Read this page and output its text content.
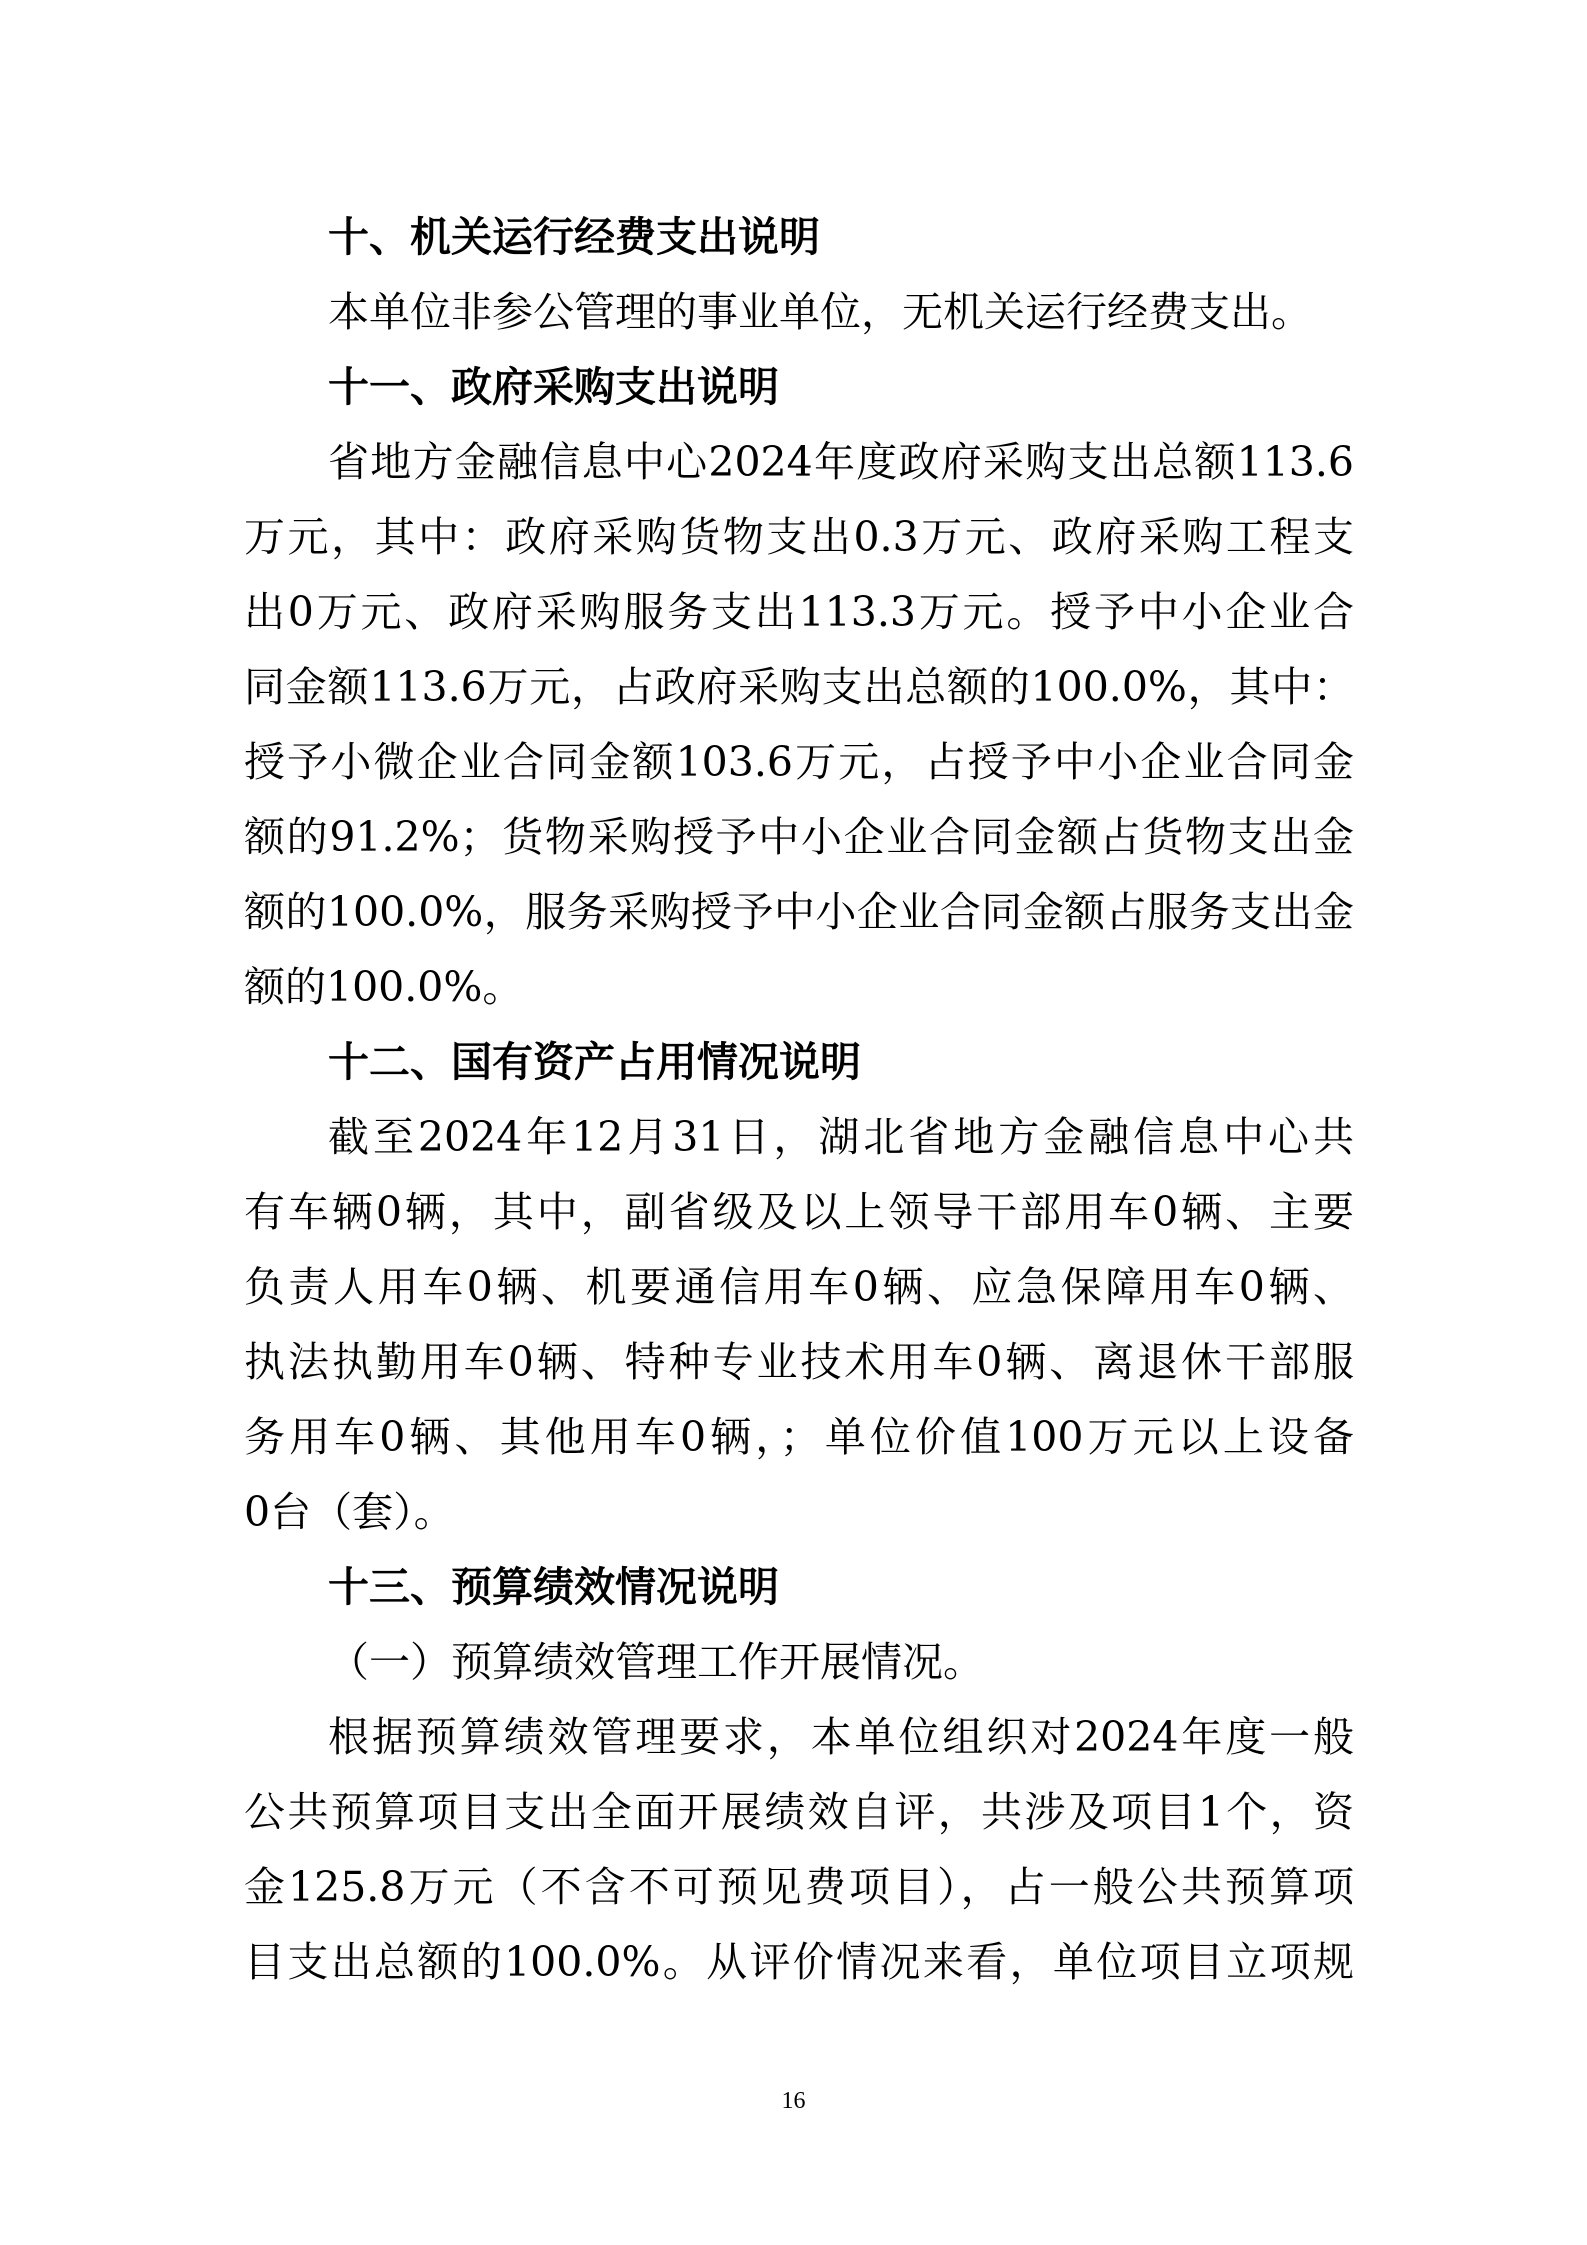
十、机关运行经费支出说明
本单位非参公管理的事业单位，无机关运行经费支出。
十一、政府采购支出说明
省地方金融信息中心2024年度政府采购支出总额113.6
万元，其中：政府采购货物支出0.3万元、政府采购工程支
出0万元、政府采购服务支出113.3万元。授予中小企业合
同金额113.6万元，占政府采购支出总额的100.0%，其中：
授予小微企业合同金额103.6万元，占授予中小企业合同金
额的91.2%；货物采购授予中小企业合同金额占货物支出金
额的100.0%，服务采购授予中小企业合同金额占服务支出金
额的100.0%。
十二、国有资产占用情况说明
截至2024年12月31日，湖北省地方金融信息中心共
有车辆0辆，其中，副省级及以上领导干部用车0辆、主要
负责人用车0辆、机要通信用车0辆、应急保障用车0辆、
执法执勤用车0辆、特种专业技术用车0辆、离退休干部服
务用车0辆、其他用车0辆，；单位价值100万元以上设备
0台（套）。
十三、预算绩效情况说明
（一）预算绩效管理工作开展情况。
根据预算绩效管理要求，本单位组织对2024年度一般
公共预算项目支出全面开展绩效自评，共涉及项目1个，资
金125.8万元（不含不可预见费项目），占一般公共预算项
目支出总额的100.0%。从评价情况来看，单位项目立项规
16
